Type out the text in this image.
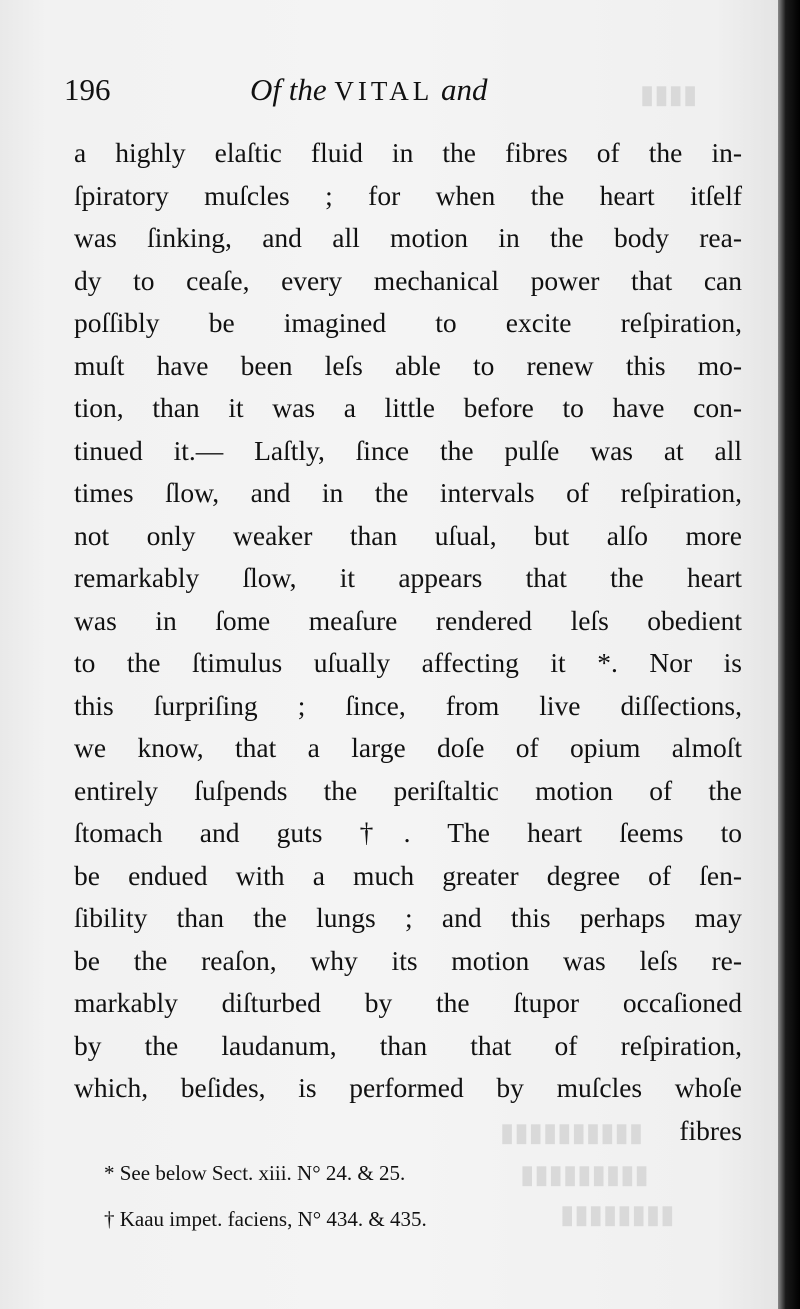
▮▮▮▮
▮▮▮▮▮▮▮▮▮▮
▮▮▮▮▮▮▮▮▮
▮▮▮▮▮▮▮▮
196	Of the VITAL and
a highly elaſtic fluid in the fibres of the in-
ſpiratory muſcles ; for when the heart itſelf
was ſinking, and all motion in the body rea-
dy to ceaſe, every mechanical power that can
poſſibly be imagined to excite reſpiration,
muſt have been leſs able to renew this mo-
tion, than it was a little before to have con-
tinued it.— Laſtly, ſince the pulſe was at all
times ſlow, and in the intervals of reſpiration,
not only weaker than uſual, but alſo more
remarkably ſlow, it appears that the heart
was in ſome meaſure rendered leſs obedient
to the ſtimulus uſually affecting it *. Nor is
this ſurpriſing ; ſince, from live diſſections,
we know, that a large doſe of opium almoſt
entirely ſuſpends the periſtaltic motion of the
ſtomach and guts †. The heart ſeems to
be endued with a much greater degree of ſen-
ſibility than the lungs ; and this perhaps may
be the reaſon, why its motion was leſs re-
markably diſturbed by the ſtupor occaſioned
by the laudanum, than that of reſpiration,
which, beſides, is performed by muſcles whoſe
fibres
* See below Sect. xiii. N° 24. & 25.
† Kaau impet. faciens, N° 434. & 435.
